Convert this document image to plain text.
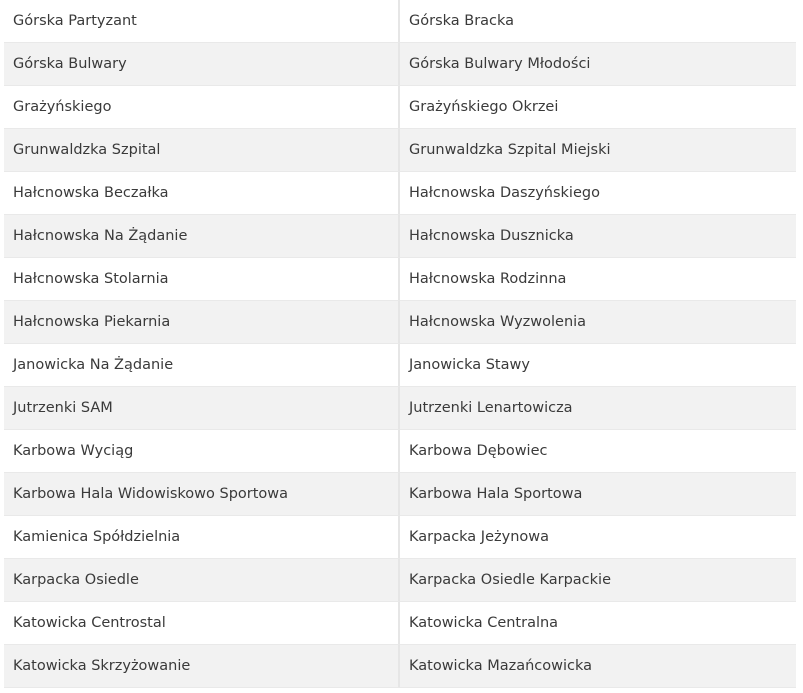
Górska Partyzant	Górska Bracka
Górska Bulwary	Górska Bulwary Młodości
Grażyńskiego	Grażyńskiego Okrzei
Grunwaldzka Szpital	Grunwaldzka Szpital Miejski
Hałcnowska Beczałka	Hałcnowska Daszyńskiego
Hałcnowska Na Żądanie	Hałcnowska Dusznicka
Hałcnowska Stolarnia	Hałcnowska Rodzinna
Hałcnowska Piekarnia	Hałcnowska Wyzwolenia
Janowicka Na Żądanie	Janowicka Stawy
Jutrzenki SAM	Jutrzenki Lenartowicza
Karbowa Wyciąg	Karbowa Dębowiec
Karbowa Hala Widowiskowo Sportowa	Karbowa Hala Sportowa
Kamienica Spółdzielnia	Karpacka Jeżynowa
Karpacka Osiedle	Karpacka Osiedle Karpackie
Katowicka Centrostal	Katowicka Centralna
Katowicka Skrzyżowanie	Katowicka Mazańcowicka
